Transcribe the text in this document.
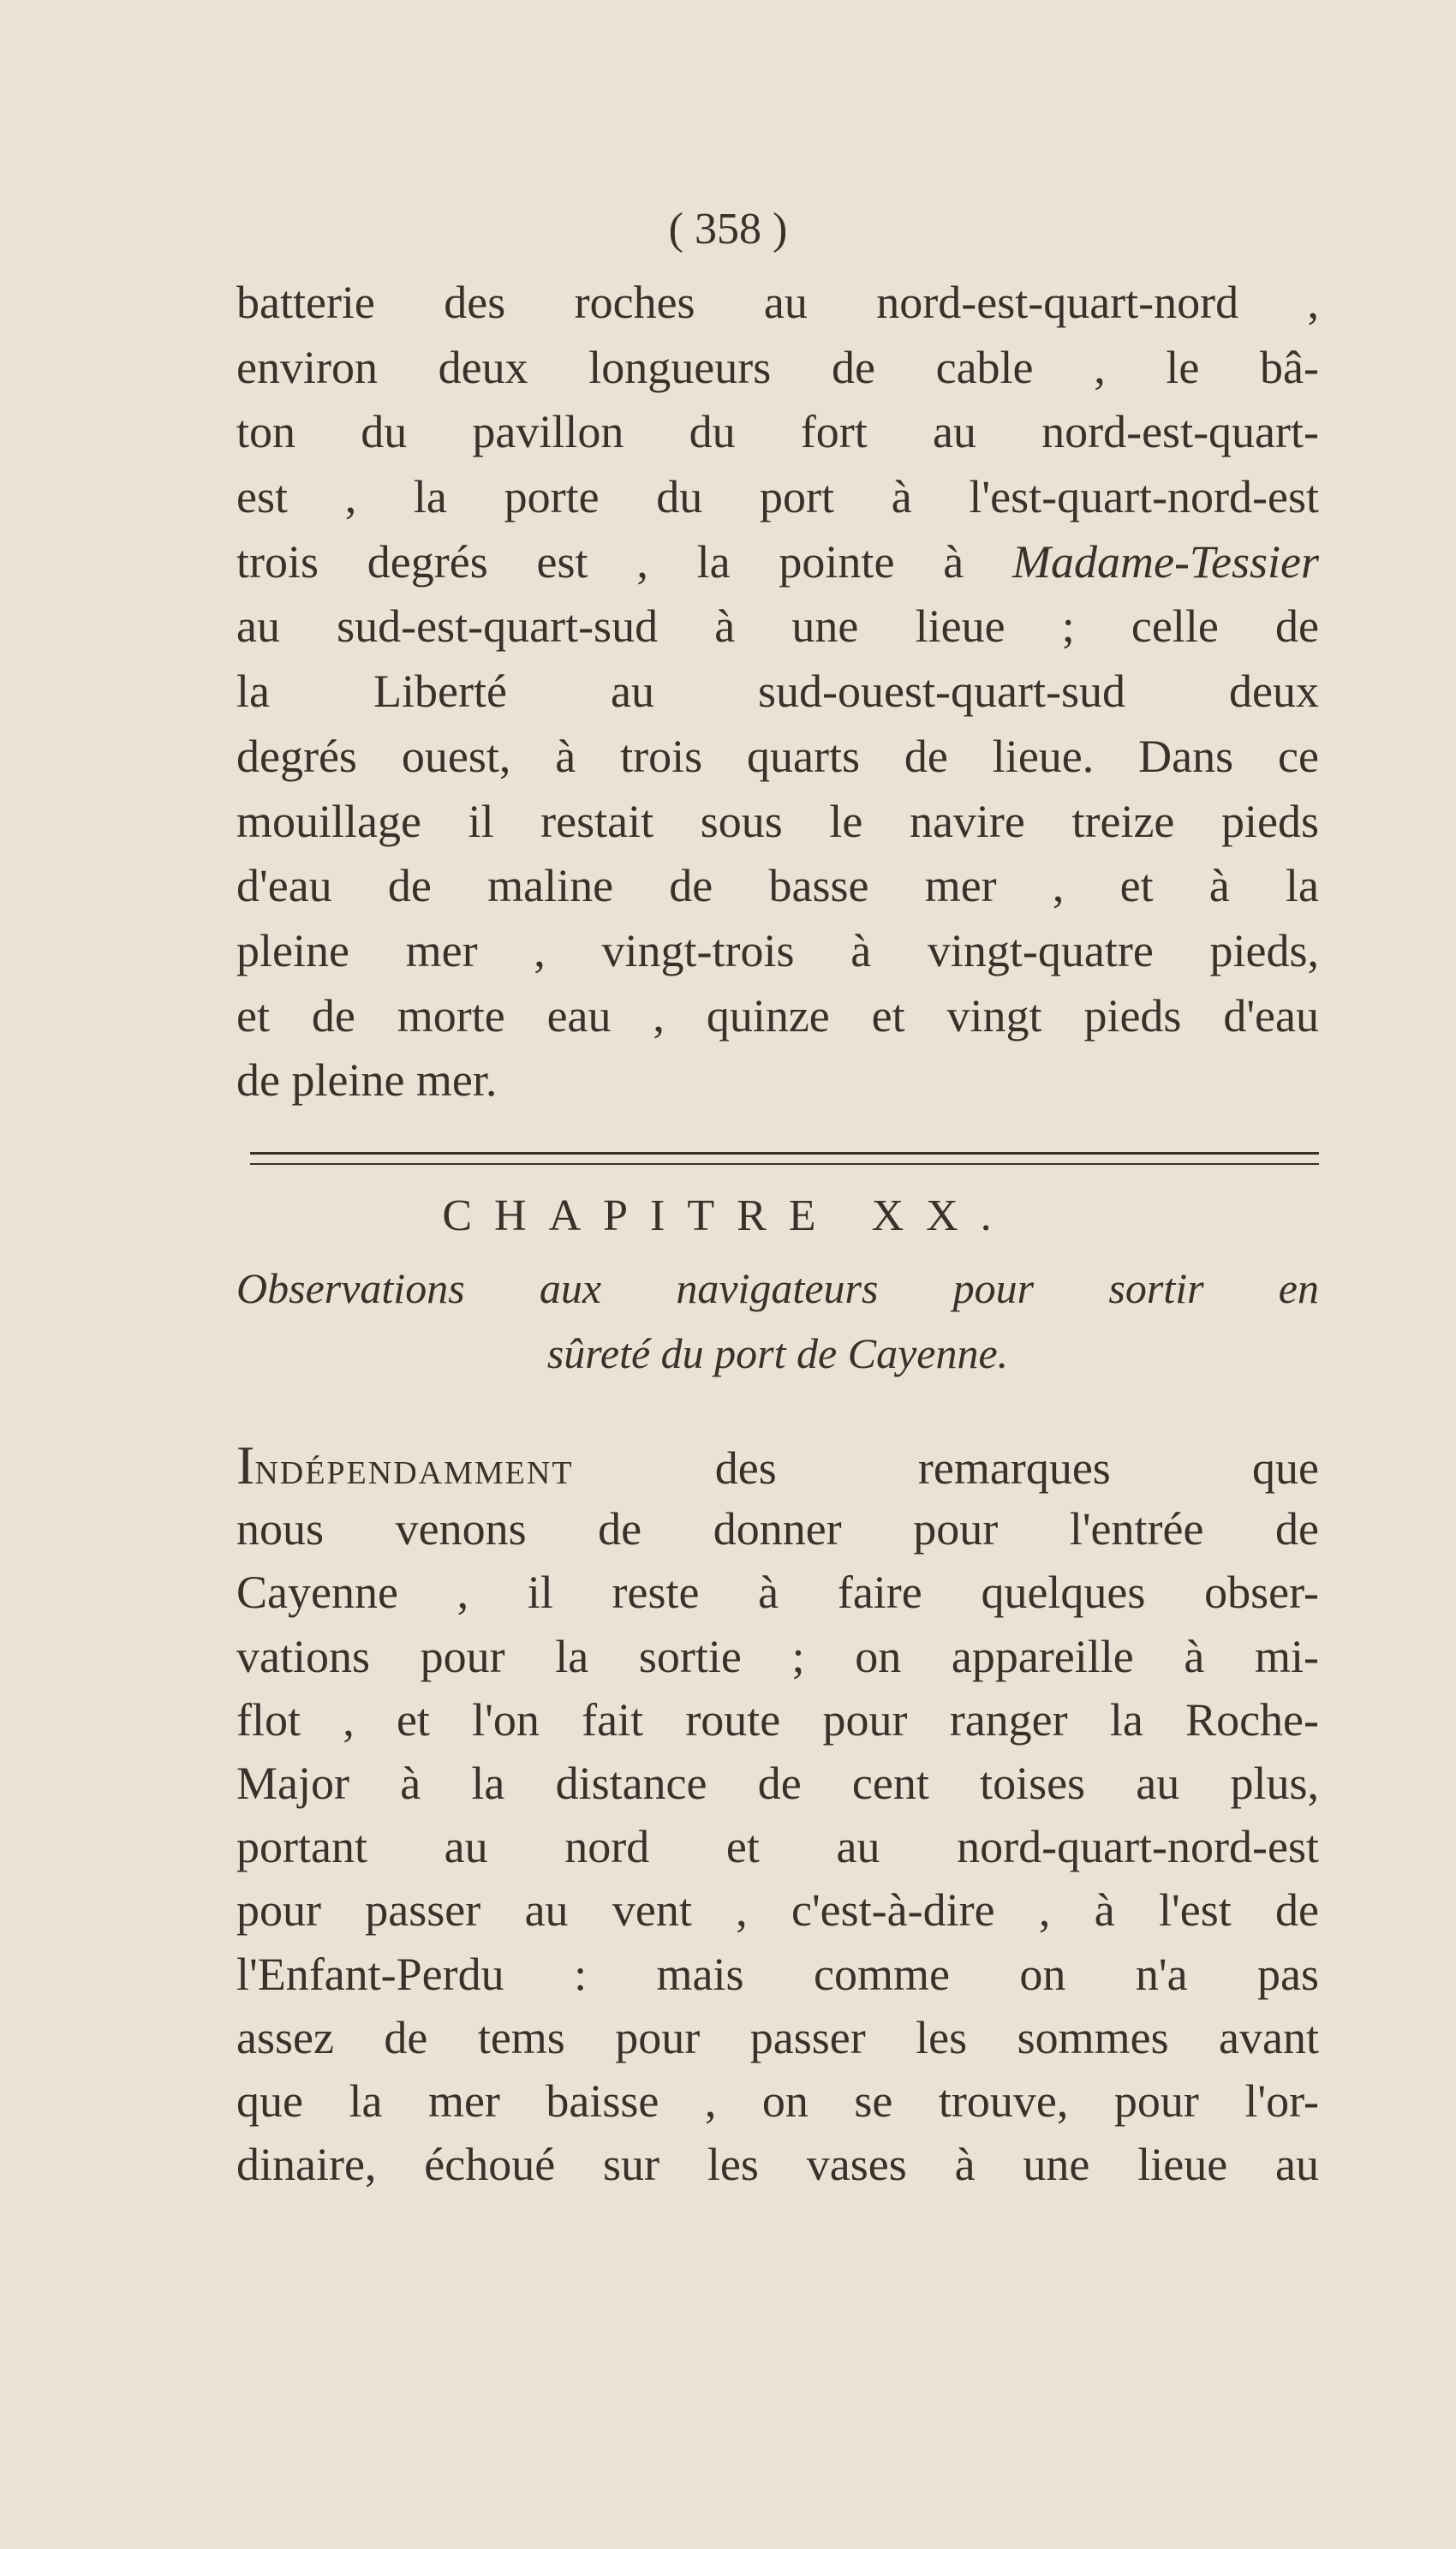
( 358 )
batterie des roches au nord-est-quart-nord ,
environ deux longueurs de cable , le bâ-
ton du pavillon du fort au nord-est-quart-
est , la porte du port à l'est-quart-nord-est
trois degrés est , la pointe à Madame-Tessier
au sud-est-quart-sud à une lieue ; celle de
la Liberté au sud-ouest-quart-sud deux
degrés ouest, à trois quarts de lieue. Dans ce
mouillage il restait sous le navire treize pieds
d'eau de maline de basse mer , et à la
pleine mer , vingt-trois à vingt-quatre pieds,
et de morte eau , quinze et vingt pieds d'eau
de pleine mer.
CHAPITRE XX.
Observations aux navigateurs pour sortir en
sûreté du port de Cayenne.
Indépendamment des remarques que
nous venons de donner pour l'entrée de
Cayenne , il reste à faire quelques obser-
vations pour la sortie ; on appareille à mi-
flot , et l'on fait route pour ranger la Roche-
Major à la distance de cent toises au plus,
portant au nord et au nord-quart-nord-est
pour passer au vent , c'est-à-dire , à l'est de
l'Enfant-Perdu : mais comme on n'a pas
assez de tems pour passer les sommes avant
que la mer baisse , on se trouve, pour l'or-
dinaire, échoué sur les vases à une lieue au
